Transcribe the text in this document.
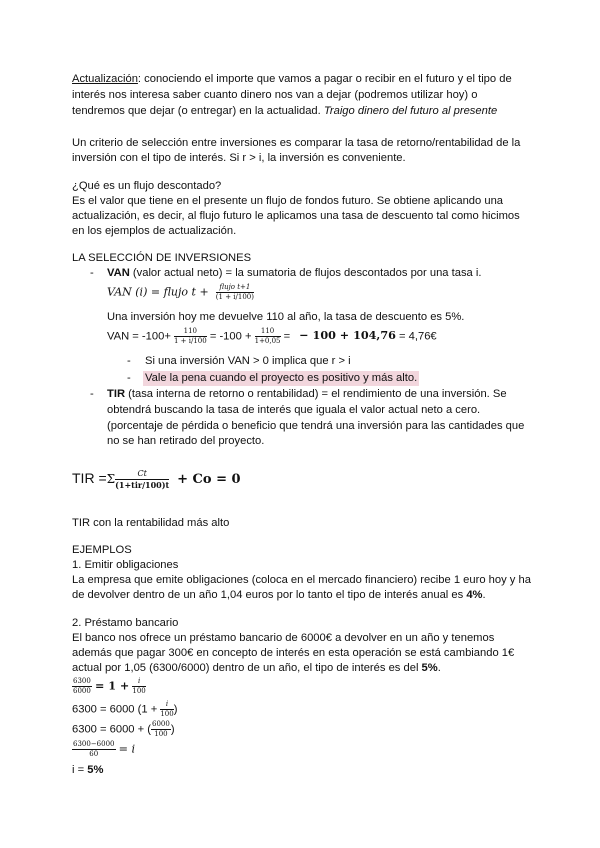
Actualización: conociendo el importe que vamos a pagar o recibir en el futuro y el tipo de
interés nos interesa saber cuanto dinero nos van a dejar (podremos utilizar hoy) o
tendremos que dejar (o entregar) en la actualidad. Traigo dinero del futuro al presente
Un criterio de selección entre inversiones es comparar la tasa de retorno/rentabilidad de la
inversión con el tipo de interés. Si r > i, la inversión es conveniente.
¿Qué es un flujo descontado?
Es el valor que tiene en el presente un flujo de fondos futuro. Se obtiene aplicando una
actualización, es decir, al flujo futuro le aplicamos una tasa de descuento tal como hicimos
en los ejemplos de actualización.
LA SELECCIÓN DE INVERSIONES
- VAN (valor actual neto) = la sumatoria de flujos descontados por una tasa i.
VAN (i) = flujo $t + \frac{\text{flujo t+1}}{(1 + i/100)}$
Una inversión hoy me devuelve 110 al año, la tasa de descuento es 5%.
VAN = $-100+ \frac{110}{1 + i/100} = -100 + \frac{110}{1+0,05}$ = − 100 + 104,76 = 4,76€
- Si una inversión VAN > 0 implica que r > i
- Vale la pena cuando el proyecto es positivo y más alto.
- TIR (tasa interna de retorno o rentabilidad) = el rendimiento de una inversión. Se
obtendrá buscando la tasa de interés que iguala el valor actual neto a cero.
(porcentaje de pérdida o beneficio que tendrá una inversión para las cantidades que
no se han retirado del proyecto.
TIR $=\Sigma \frac{Ct}{\text{(1+tir/100)t}} + Co = 0$
TIR con la rentabilidad más alto
EJEMPLOS
1. Emitir obligaciones
La empresa que emite obligaciones (coloca en el mercado financiero) recibe 1 euro hoy y ha
de devolver dentro de un año 1,04 euros por lo tanto el tipo de interés anual es 4%.
2. Préstamo bancario
El banco nos ofrece un préstamo bancario de 6000€ a devolver en un año y tenemos
además que pagar 300€ en concepto de interés en esta operación se está cambiando 1€
actual por 1,05 (6300/6000) dentro de un año, el tipo de interés es del 5%.
$\frac{6300}{6000} = 1 + \frac{i}{100}$
6300 = 6000 ($1 + \frac{i}{100}$ )
6300 = 6000 + ( $\frac{6000}{100}$ )
$\frac{6300-6000}{60} = i$
i = 5%
